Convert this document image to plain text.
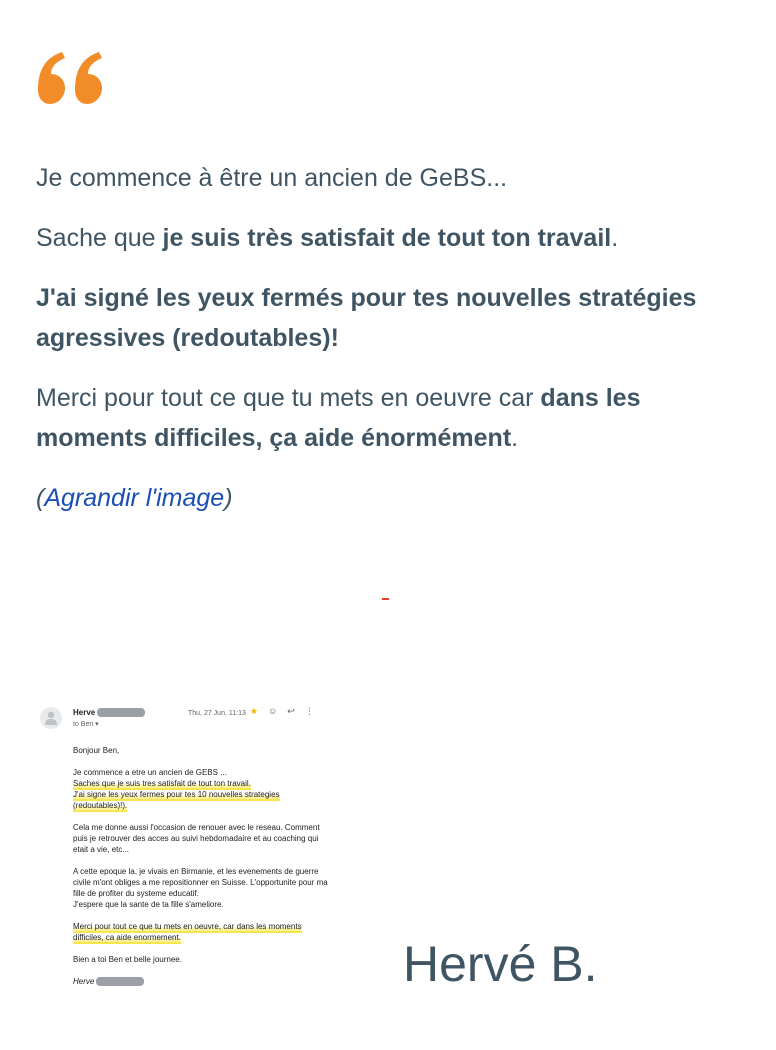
Je commence à être un ancien de GeBS...

Sache que je suis très satisfait de tout ton travail.

J'ai signé les yeux fermés pour tes nouvelles stratégies agressives (redoutables)!

Merci pour tout ce que tu mets en oeuvre car dans les moments difficiles, ça aide énormément.

(Agrandir l'image)

Herve
to Ben ▾
Thu, 27 Jun, 11:13 ★ ☺ ↩ ⋮

Bonjour Ben,

Je commence a etre un ancien de GEBS ...
Saches que je suis tres satisfait de tout ton travail.
J'ai signe les yeux fermes pour tes 10 nouvelles strategies
(redoutables)!).

Cela me donne aussi l'occasion de renouer avec le reseau. Comment puis je retrouver des acces au suivi hebdomadaire et au coaching qui etait a vie, etc...

A cette epoque la, je vivais en Birmanie, et les evenements de guerre civile m'ont obliges a me repositionner en Suisse. L'opportunite pour ma fille de profiter du systeme educatif.
J'espere que la sante de ta fille s'ameliore.

Merci pour tout ce que tu mets en oeuvre, car dans les moments
difficiles, ca aide enormement.

Bien a toi Ben et belle journee.

Herve	Hervé B.
